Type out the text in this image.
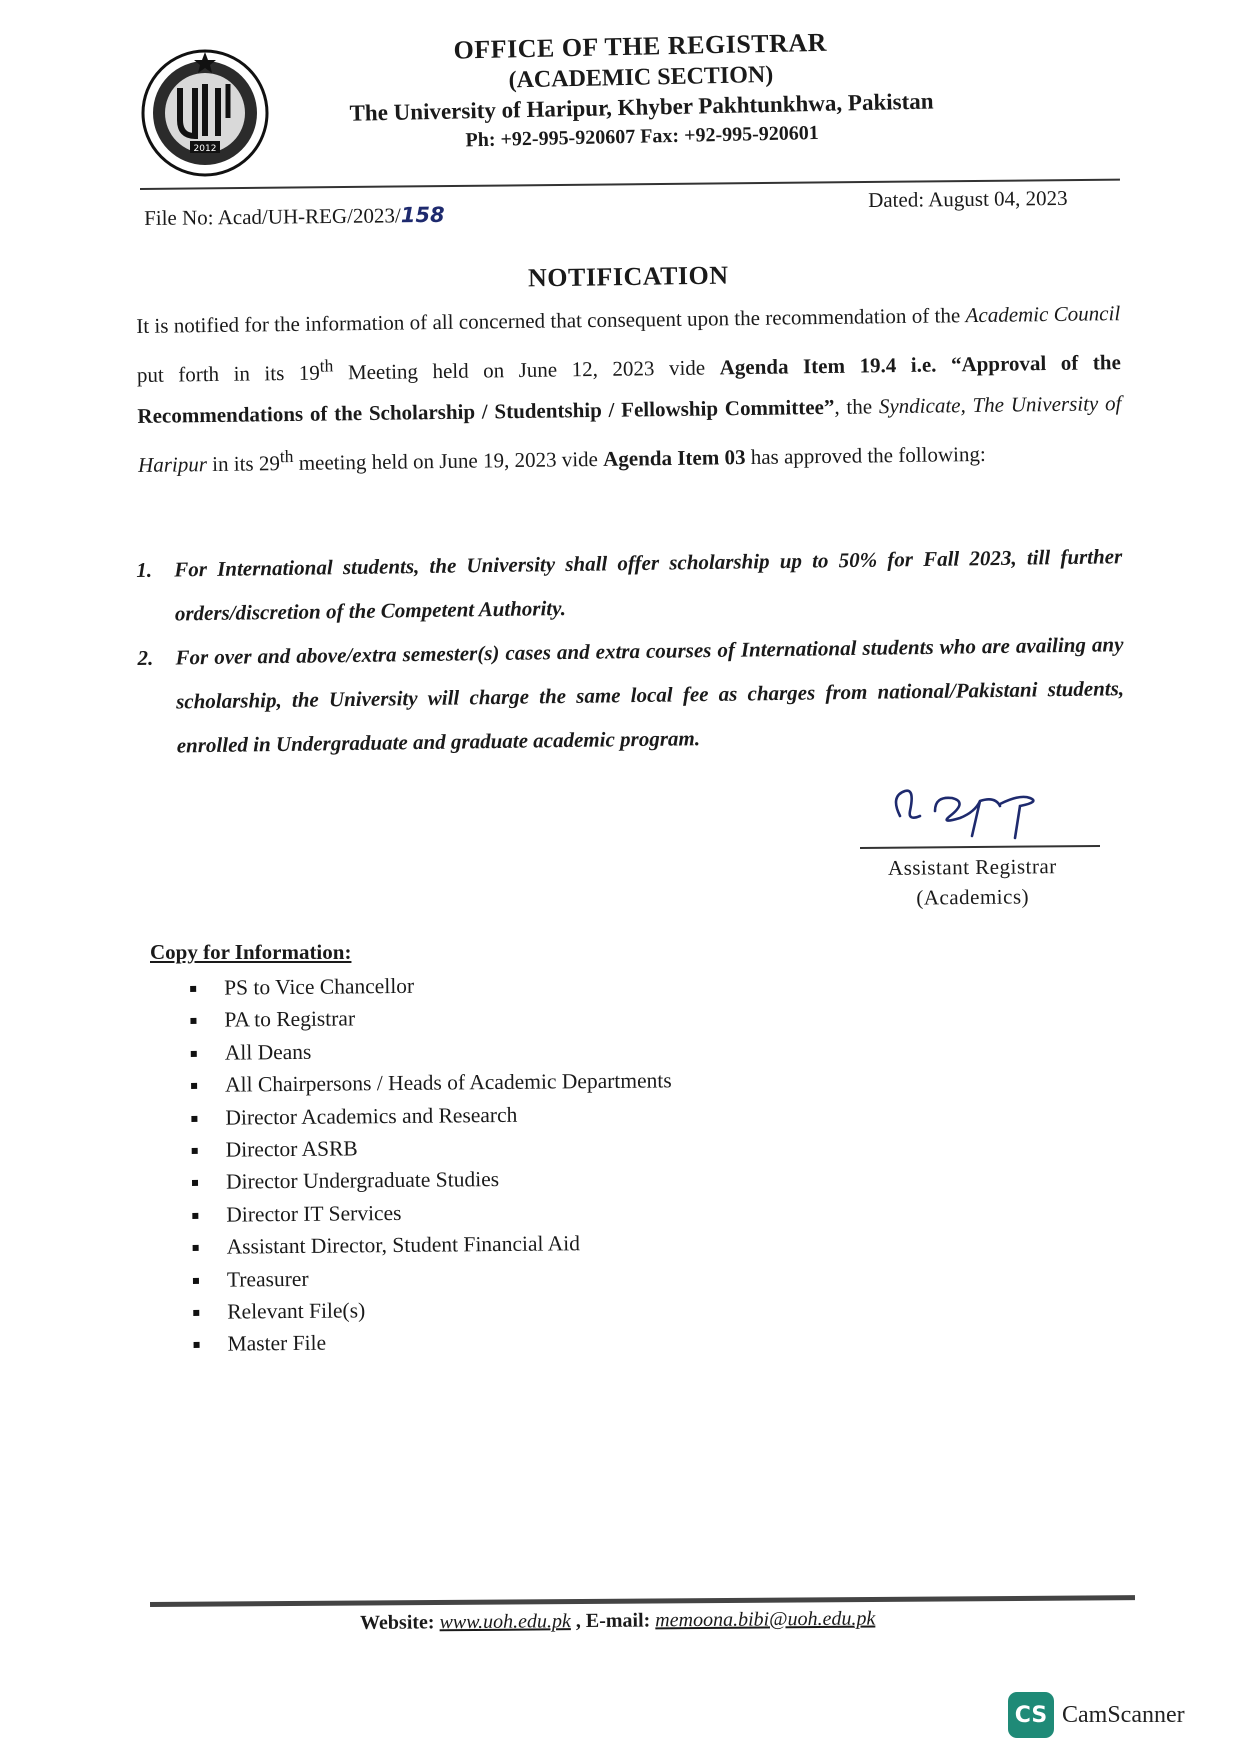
2012
OFFICE OF THE REGISTRAR
(ACADEMIC SECTION)
The University of Haripur, Khyber Pakhtunkhwa, Pakistan
Ph: +92-995-920607 Fax: +92-995-920601
File No: Acad/UH-REG/2023/158
Dated: August 04, 2023
NOTIFICATION
It is notified for the information of all concerned that consequent upon the recommendation of the Academic Council put forth in its 19th Meeting held on June 12, 2023 vide Agenda Item 19.4 i.e. “Approval of the Recommendations of the Scholarship / Studentship / Fellowship Committee”, the Syndicate, The University of Haripur in its 29th meeting held on June 19, 2023 vide Agenda Item 03 has approved the following:
1. For International students, the University shall offer scholarship up to 50% for Fall 2023, till further orders/discretion of the Competent Authority.
2. For over and above/extra semester(s) cases and extra courses of International students who are availing any scholarship, the University will charge the same local fee as charges from national/Pakistani students, enrolled in Undergraduate and graduate academic program.
Assistant Registrar
(Academics)
Copy for Information:
PS to Vice Chancellor
PA to Registrar
All Deans
All Chairpersons / Heads of Academic Departments
Director Academics and Research
Director ASRB
Director Undergraduate Studies
Director IT Services
Assistant Director, Student Financial Aid
Treasurer
Relevant File(s)
Master File
Website: www.uoh.edu.pk , E-mail: memoona.bibi@uoh.edu.pk
CS CamScanner
